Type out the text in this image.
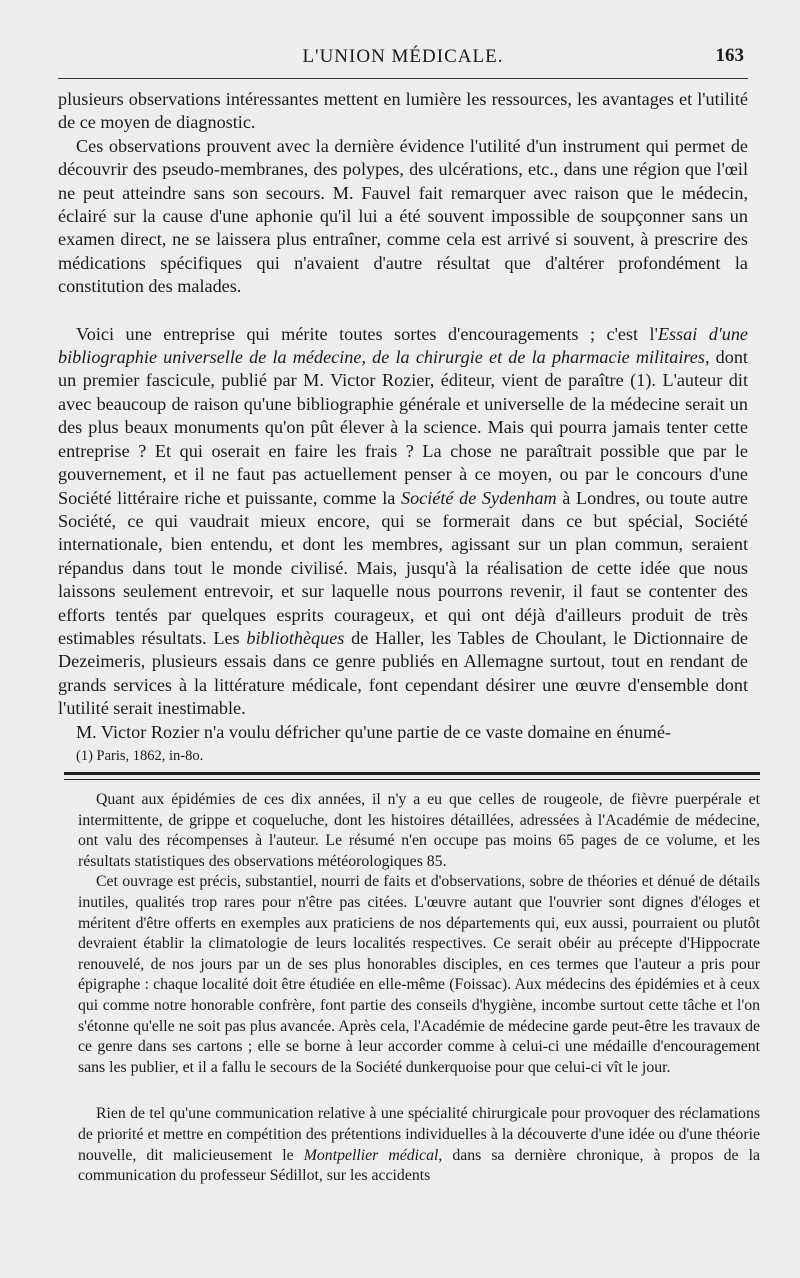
L'UNION MÉDICALE.	163

plusieurs observations intéressantes mettent en lumière les ressources, les avantages et l'utilité de ce moyen de diagnostic.

Ces observations prouvent avec la dernière évidence l'utilité d'un instrument qui permet de découvrir des pseudo-membranes, des polypes, des ulcérations, etc., dans une région que l'œil ne peut atteindre sans son secours. M. Fauvel fait remarquer avec raison que le médecin, éclairé sur la cause d'une aphonie qu'il lui a été souvent impossible de soupçonner sans un examen direct, ne se laissera plus entraîner, comme cela est arrivé si souvent, à prescrire des médications spécifiques qui n'avaient d'autre résultat que d'altérer profondément la constitution des malades.

Voici une entreprise qui mérite toutes sortes d'encouragements ; c'est l'Essai d'une bibliographie universelle de la médecine, de la chirurgie et de la pharmacie militaires, dont un premier fascicule, publié par M. Victor Rozier, éditeur, vient de paraître (1). L'auteur dit avec beaucoup de raison qu'une bibliographie générale et universelle de la médecine serait un des plus beaux monuments qu'on pût élever à la science. Mais qui pourra jamais tenter cette entreprise ? Et qui oserait en faire les frais ? La chose ne paraîtrait possible que par le gouvernement, et il ne faut pas actuellement penser à ce moyen, ou par le concours d'une Société littéraire riche et puissante, comme la Société de Sydenham à Londres, ou toute autre Société, ce qui vaudrait mieux encore, qui se formerait dans ce but spécial, Société internationale, bien entendu, et dont les membres, agissant sur un plan commun, seraient répandus dans tout le monde civilisé. Mais, jusqu'à la réalisation de cette idée que nous laissons seulement entrevoir, et sur laquelle nous pourrons revenir, il faut se contenter des efforts tentés par quelques esprits courageux, et qui ont déjà d'ailleurs produit de très estimables résultats. Les bibliothèques de Haller, les Tables de Choulant, le Dictionnaire de Dezeimeris, plusieurs essais dans ce genre publiés en Allemagne surtout, tout en rendant de grands services à la littérature médicale, font cependant désirer une œuvre d'ensemble dont l'utilité serait inestimable.

M. Victor Rozier n'a voulu défricher qu'une partie de ce vaste domaine en énumé-

(1) Paris, 1862, in-8o.

Quant aux épidémies de ces dix années, il n'y a eu que celles de rougeole, de fièvre puerpérale et intermittente, de grippe et coqueluche, dont les histoires détaillées, adressées à l'Académie de médecine, ont valu des récompenses à l'auteur. Le résumé n'en occupe pas moins 65 pages de ce volume, et les résultats statistiques des observations météorologiques 85.

Cet ouvrage est précis, substantiel, nourri de faits et d'observations, sobre de théories et dénué de détails inutiles, qualités trop rares pour n'être pas citées. L'œuvre autant que l'ouvrier sont dignes d'éloges et méritent d'être offerts en exemples aux praticiens de nos départements qui, eux aussi, pourraient ou plutôt devraient établir la climatologie de leurs localités respectives. Ce serait obéir au précepte d'Hippocrate renouvelé, de nos jours par un de ses plus honorables disciples, en ces termes que l'auteur a pris pour épigraphe : chaque localité doit être étudiée en elle-même (Foissac). Aux médecins des épidémies et à ceux qui comme notre honorable confrère, font partie des conseils d'hygiène, incombe surtout cette tâche et l'on s'étonne qu'elle ne soit pas plus avancée. Après cela, l'Académie de médecine garde peut-être les travaux de ce genre dans ses cartons ; elle se borne à leur accorder comme à celui-ci une médaille d'encouragement sans les publier, et il a fallu le secours de la Société dunkerquoise pour que celui-ci vît le jour.

Rien de tel qu'une communication relative à une spécialité chirurgicale pour provoquer des réclamations de priorité et mettre en compétition des prétentions individuelles à la découverte d'une idée ou d'une théorie nouvelle, dit malicieusement le Montpellier médical, dans sa dernière chronique, à propos de la communication du professeur Sédillot, sur les accidents
